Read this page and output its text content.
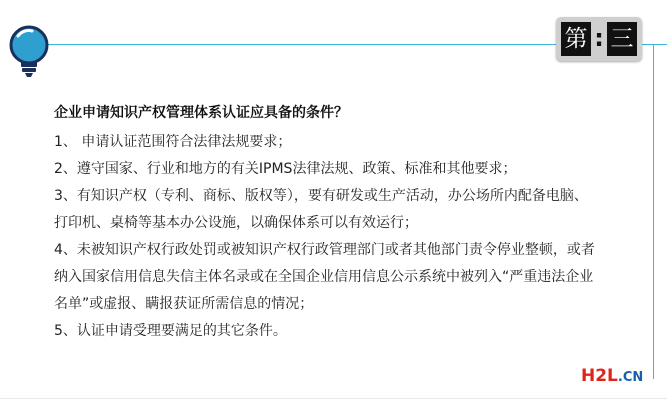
第 : 三

企业申请知识产权管理体系认证应具备的条件？

1、 申请认证范围符合法律法规要求；

2、遵守国家、行业和地方的有关IPMS法律法规、政策、标准和其他要求；

3、有知识产权（专利、商标、版权等），要有研发或生产活动，办公场所内配备电脑、

打印机、桌椅等基本办公设施，以确保体系可以有效运行；

4、未被知识产权行政处罚或被知识产权行政管理部门或者其他部门责令停业整顿，或者

纳入国家信用信息失信主体名录或在全国企业信用信息公示系统中被列入“严重违法企业

名单”或虚报、瞒报获证所需信息的情况；

5、认证申请受理要满足的其它条件。

H2L.CN
